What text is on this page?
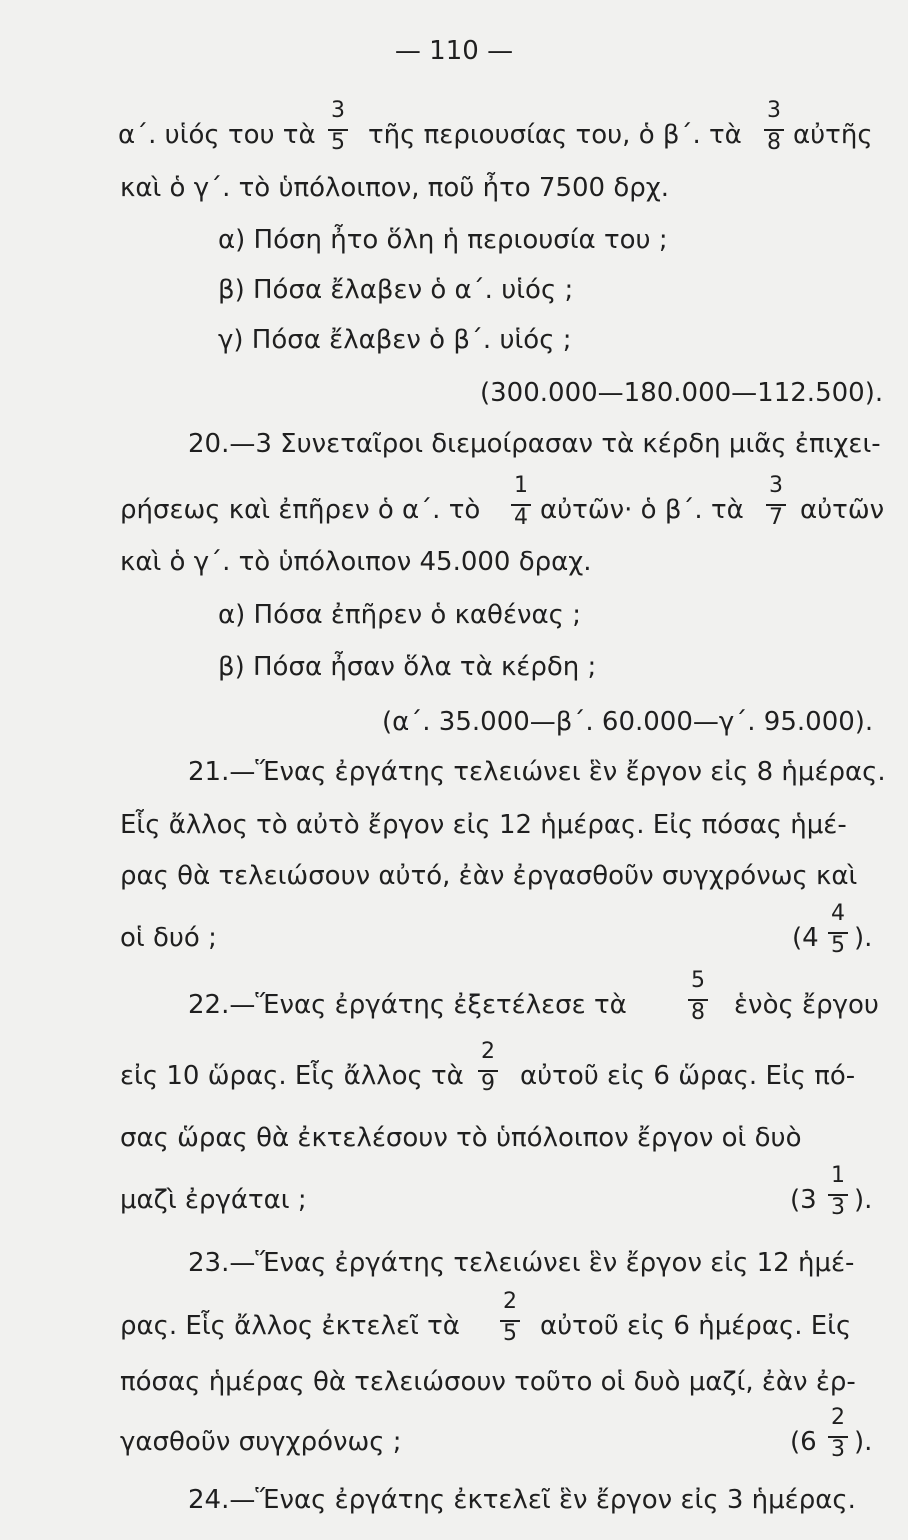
— 110 —
α΄. υἱός του τὰ
3
5 τῆς περιουσίας του, ὁ β΄. τὰ
3
8 αὐτῆς
καὶ ὁ γ΄. τὸ ὑπόλοιπον, ποῦ ἦτο 7500 δρχ.
α) Πόση ἦτο ὅλη ἡ περιουσία του ;
β) Πόσα ἔλαβεν ὁ α΄. υἱός ;
γ) Πόσα ἔλαβεν ὁ β΄. υἱός ;
(300.000—180.000—112.500).
20.—3 Συνεταῖροι διεμοίρασαν τὰ κέρδη μιᾶς ἐπιχει-
ρήσεως καὶ ἐπῆρεν ὁ α΄. τὸ
1
4 αὐτῶν· ὁ β΄. τὰ
3
7 αὐτῶν
καὶ ὁ γ΄. τὸ ὑπόλοιπον 45.000 δραχ.
α) Πόσα ἐπῆρεν ὁ καθένας ;
β) Πόσα ἦσαν ὅλα τὰ κέρδη ;
(α΄. 35.000—β΄. 60.000—γ΄. 95.000).
21.—Ἕνας ἐργάτης τελειώνει ἓν ἔργον εἰς 8 ἡμέρας.
Εἷς ἄλλος τὸ αὐτὸ ἔργον εἰς 12 ἡμέρας. Εἰς πόσας ἡμέ-
ρας θὰ τελειώσουν αὐτό, ἐὰν ἐργασθοῦν συγχρόνως καὶ
οἱ δυό ;	(4
4
5 ).
22.—Ἕνας ἐργάτης ἐξετέλεσε τὰ
5
8	ἑνὸς ἔργου
εἰς 10 ὥρας. Εἷς ἄλλος τὰ
2
9 αὐτοῦ εἰς 6 ὥρας. Εἰς πό-
σας ὥρας θὰ ἐκτελέσουν τὸ ὑπόλοιπον ἔργον οἱ δυὸ
μαζὶ ἐργάται ;	(3
1
3 ).
23.—Ἕνας ἐργάτης τελειώνει ἓν ἔργον εἰς 12 ἡμέ-
ρας. Εἷς ἄλλος ἐκτελεῖ τὰ
2
5 αὐτοῦ εἰς 6 ἡμέρας. Εἰς
πόσας ἡμέρας θὰ τελειώσουν τοῦτο οἱ δυὸ μαζί, ἐὰν ἐρ-
γασθοῦν συγχρόνως ;	(6
2
3 ).
24.—Ἕνας ἐργάτης ἐκτελεῖ ἓν ἔργον εἰς 3 ἡμέρας.
